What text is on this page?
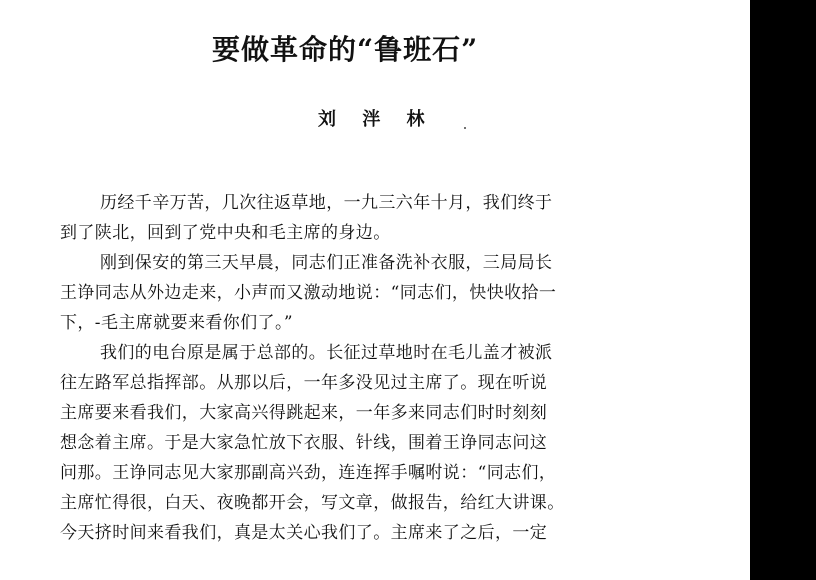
要做革命的“鲁班石”
刘 泮 林
历经千辛万苦，几次往返草地，一九三六年十月，我们终于
到了陕北，回到了党中央和毛主席的身边。
刚到保安的第三天早晨，同志们正准备洗补衣服，三局局长
王诤同志从外边走来，小声而又激动地说：“同志们，快快收拾一
下，-毛主席就要来看你们了。”
我们的电台原是属于总部的。长征过草地时在毛儿盖才被派
往左路军总指挥部。从那以后，一年多没见过主席了。现在听说
主席要来看我们，大家高兴得跳起来，一年多来同志们时时刻刻
想念着主席。于是大家急忙放下衣服、针线，围着王诤同志问这
问那。王诤同志见大家那副高兴劲，连连挥手嘱咐说：“同志们，
主席忙得很，白天、夜晚都开会，写文章，做报告，给红大讲课。
今天挤时间来看我们，真是太关心我们了。主席来了之后，一定
